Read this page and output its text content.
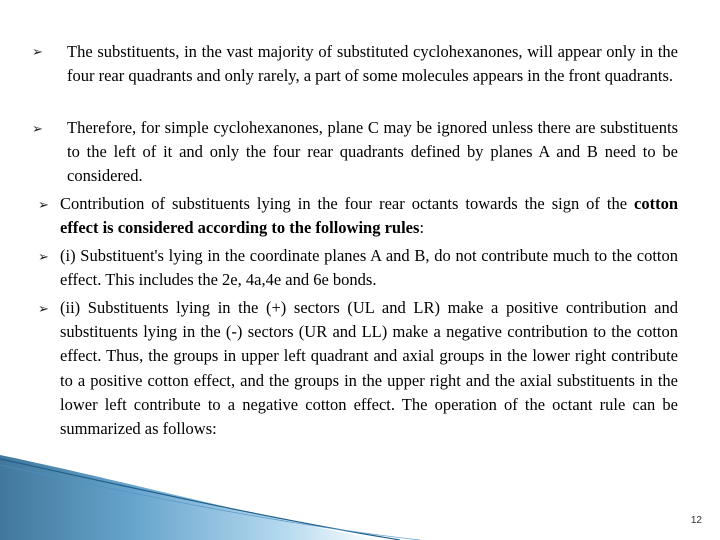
➢
➢
➢
➢
➢

The substituents, in the vast majority of substituted cyclohexanones, will appear only in the four rear quadrants and only rarely, a part of some molecules appears in the front quadrants.

Therefore, for simple cyclohexanones, plane C may be ignored unless there are substituents to the left of it and only the four rear quadrants defined by planes A and B need to be considered.

Contribution of substituents lying in the four rear octants towards the sign of the cotton effect is considered according to the following rules:

(i) Substituent's lying in the coordinate planes A and B, do not contribute much to the cotton effect. This includes the 2e, 4a,4e and 6e bonds.

(ii) Substituents lying in the (+) sectors (UL and LR) make a positive contribution and substituents lying in the (-) sectors (UR and LL) make a negative contribution to the cotton effect. Thus, the groups in upper left quadrant and axial groups in the lower right contribute to a positive cotton effect, and the groups in the upper right and the axial substituents in the lower left contribute to a negative cotton effect. The operation of the octant rule can be summarized as follows:

12
